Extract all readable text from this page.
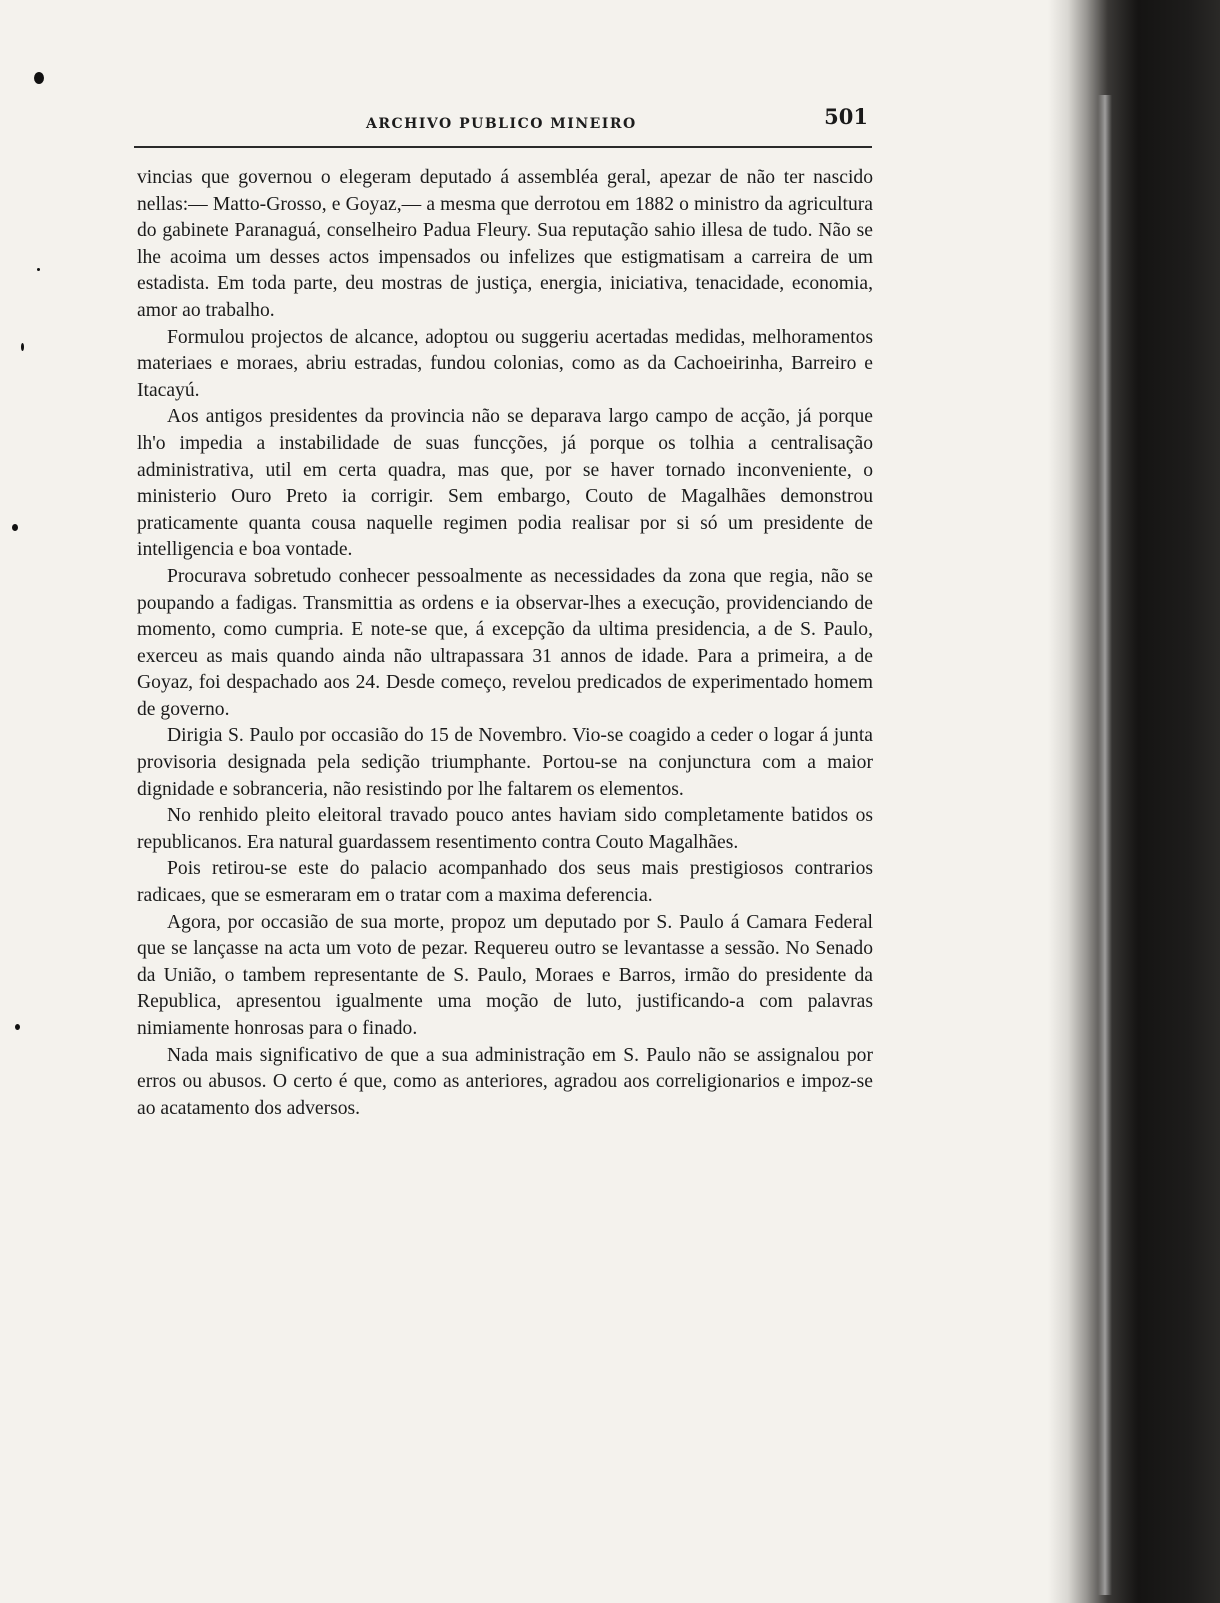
ARCHIVO PUBLICO MINEIRO	501

vincias que governou o elegeram deputado á assembléa geral, apezar de não ter nascido nellas:— Matto-Grosso, e Goyaz,— a mesma que derrotou em 1882 o ministro da agricultura do gabinete Paranaguá, conselheiro Padua Fleury. Sua reputação sahio illesa de tudo. Não se lhe acoima um desses actos impensados ou infelizes que estigmatisam a carreira de um estadista. Em toda parte, deu mostras de justiça, energia, iniciativa, tenacidade, economia, amor ao trabalho.

Formulou projectos de alcance, adoptou ou suggeriu acertadas medidas, melhoramentos materiaes e moraes, abriu estradas, fundou colonias, como as da Cachoeirinha, Barreiro e Itacayú.

Aos antigos presidentes da provincia não se deparava largo campo de acção, já porque lh'o impedia a instabilidade de suas funcções, já porque os tolhia a centralisação administrativa, util em certa quadra, mas que, por se haver tornado inconveniente, o ministerio Ouro Preto ia corrigir. Sem embargo, Couto de Magalhães demonstrou praticamente quanta cousa naquelle regimen podia realisar por si só um presidente de intelligencia e boa vontade.

Procurava sobretudo conhecer pessoalmente as necessidades da zona que regia, não se poupando a fadigas. Transmittia as ordens e ia observar-lhes a execução, providenciando de momento, como cumpria. E note-se que, á excepção da ultima presidencia, a de S. Paulo, exerceu as mais quando ainda não ultrapassara 31 annos de idade. Para a primeira, a de Goyaz, foi despachado aos 24. Desde começo, revelou predicados de experimentado homem de governo.

Dirigia S. Paulo por occasião do 15 de Novembro. Vio-se coagido a ceder o logar á junta provisoria designada pela sedição triumphante. Portou-se na conjunctura com a maior dignidade e sobranceria, não resistindo por lhe faltarem os elementos.

No renhido pleito eleitoral travado pouco antes haviam sido completamente batidos os republicanos. Era natural guardassem resentimento contra Couto Magalhães.

Pois retirou-se este do palacio acompanhado dos seus mais prestigiosos contrarios radicaes, que se esmeraram em o tratar com a maxima deferencia.

Agora, por occasião de sua morte, propoz um deputado por S. Paulo á Camara Federal que se lançasse na acta um voto de pezar. Requereu outro se levantasse a sessão. No Senado da União, o tambem representante de S. Paulo, Moraes e Barros, irmão do presidente da Republica, apresentou igualmente uma moção de luto, justificando-a com palavras nimiamente honrosas para o finado.

Nada mais significativo de que a sua administração em S. Paulo não se assignalou por erros ou abusos. O certo é que, como as anteriores, agradou aos correligionarios e impoz-se ao acatamento dos adversos.
